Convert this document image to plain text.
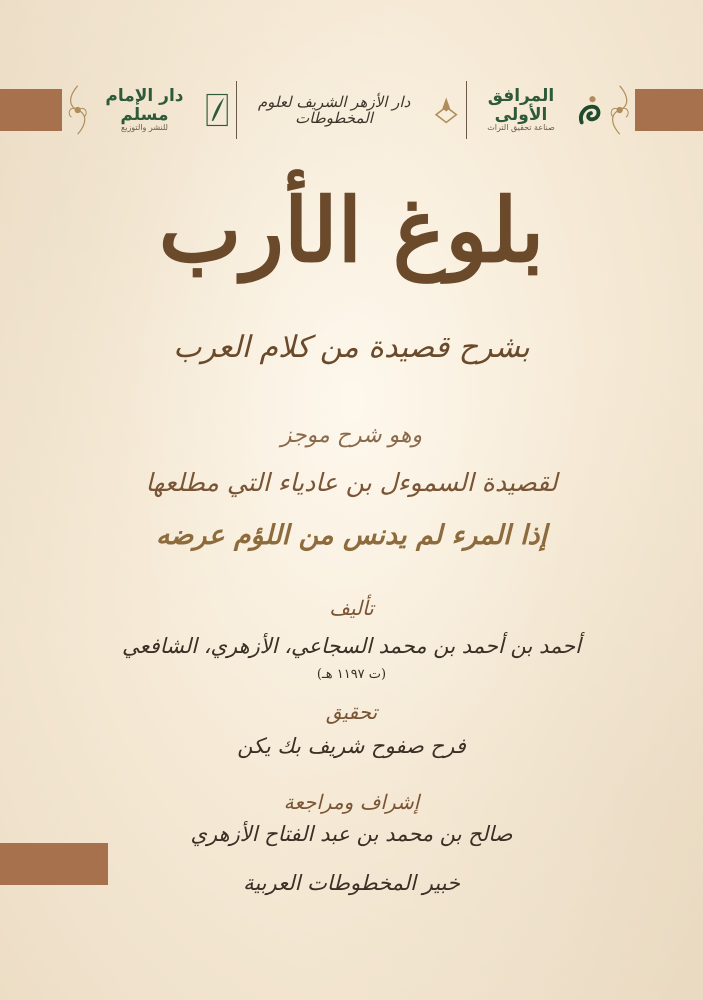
دار الإمام مسلم
للنشر والتوزيع
دار الأزهر الشريف لعلوم المخطوطات
المرافق الأولى
صناعة تحقيق التراث
بلوغ الأرب
بشرح قصيدة من كلام العرب
وهو شرح موجز
لقصيدة السموءل بن عادياء التي مطلعها
إذا المرء لم يدنس من اللؤم عرضه
تأليف
أحمد بن أحمد بن محمد السجاعي، الأزهري، الشافعي
(ت ١١٩٧ هـ)
تحقيق
فرح صفوح شريف بك يكن
إشراف ومراجعة
صالح بن محمد بن عبد الفتاح الأزهري
خبير المخطوطات العربية
